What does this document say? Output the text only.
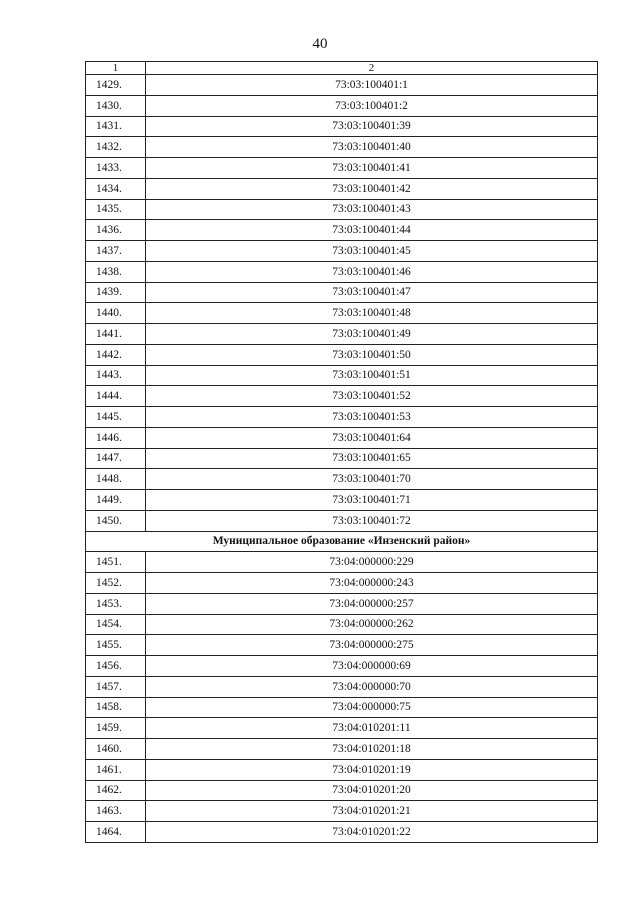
40
1	2
1429.	73:03:100401:1
1430.	73:03:100401:2
1431.	73:03:100401:39
1432.	73:03:100401:40
1433.	73:03:100401:41
1434.	73:03:100401:42
1435.	73:03:100401:43
1436.	73:03:100401:44
1437.	73:03:100401:45
1438.	73:03:100401:46
1439.	73:03:100401:47
1440.	73:03:100401:48
1441.	73:03:100401:49
1442.	73:03:100401:50
1443.	73:03:100401:51
1444.	73:03:100401:52
1445.	73:03:100401:53
1446.	73:03:100401:64
1447.	73:03:100401:65
1448.	73:03:100401:70
1449.	73:03:100401:71
1450.	73:03:100401:72
Муниципальное образование «Инзенский район»	
1451.	73:04:000000:229
1452.	73:04:000000:243
1453.	73:04:000000:257
1454.	73:04:000000:262
1455.	73:04:000000:275
1456.	73:04:000000:69
1457.	73:04:000000:70
1458.	73:04:000000:75
1459.	73:04:010201:11
1460.	73:04:010201:18
1461.	73:04:010201:19
1462.	73:04:010201:20
1463.	73:04:010201:21
1464.	73:04:010201:22
